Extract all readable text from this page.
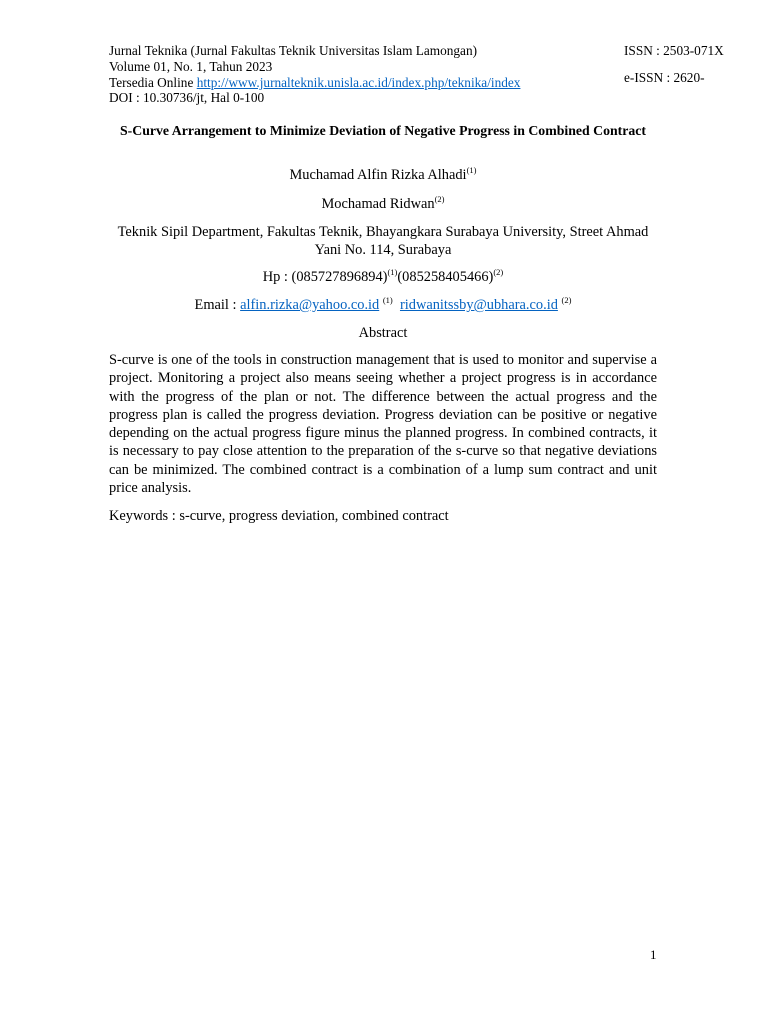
Jurnal Teknika (Jurnal Fakultas Teknik Universitas Islam Lamongan)
Volume 01, No. 1, Tahun 2023
Tersedia Online http://www.jurnalteknik.unisla.ac.id/index.php/teknika/index
DOI : 10.30736/jt, Hal 0-100
ISSN : 2503-071X
e-ISSN : 2620-
S-Curve Arrangement to Minimize Deviation of Negative Progress in Combined Contract
Muchamad Alfin Rizka Alhadi$^{(1)}$
Mochamad Ridwan$^{(2)}$
Teknik Sipil Department, Fakultas Teknik, Bhayangkara Surabaya University, Street Ahmad Yani No. 114, Surabaya
Hp : $(085727896894)^{(1)}(085258405466)^{(2)}$
Email : alfin.rizka@yahoo.co.id $^{(1)}$ ridwanitssby@ubhara.co.id $^{(2)}$
Abstract
S-curve is one of the tools in construction management that is used to monitor and supervise a project. Monitoring a project also means seeing whether a project progress is in accordance with the progress of the plan or not. The difference between the actual progress and the progress plan is called the progress deviation. Progress deviation can be positive or negative depending on the actual progress figure minus the planned progress. In combined contracts, it is necessary to pay close attention to the preparation of the s-curve so that negative deviations can be minimized. The combined contract is a combination of a lump sum contract and unit price analysis.
Keywords : s-curve, progress deviation, combined contract
1
